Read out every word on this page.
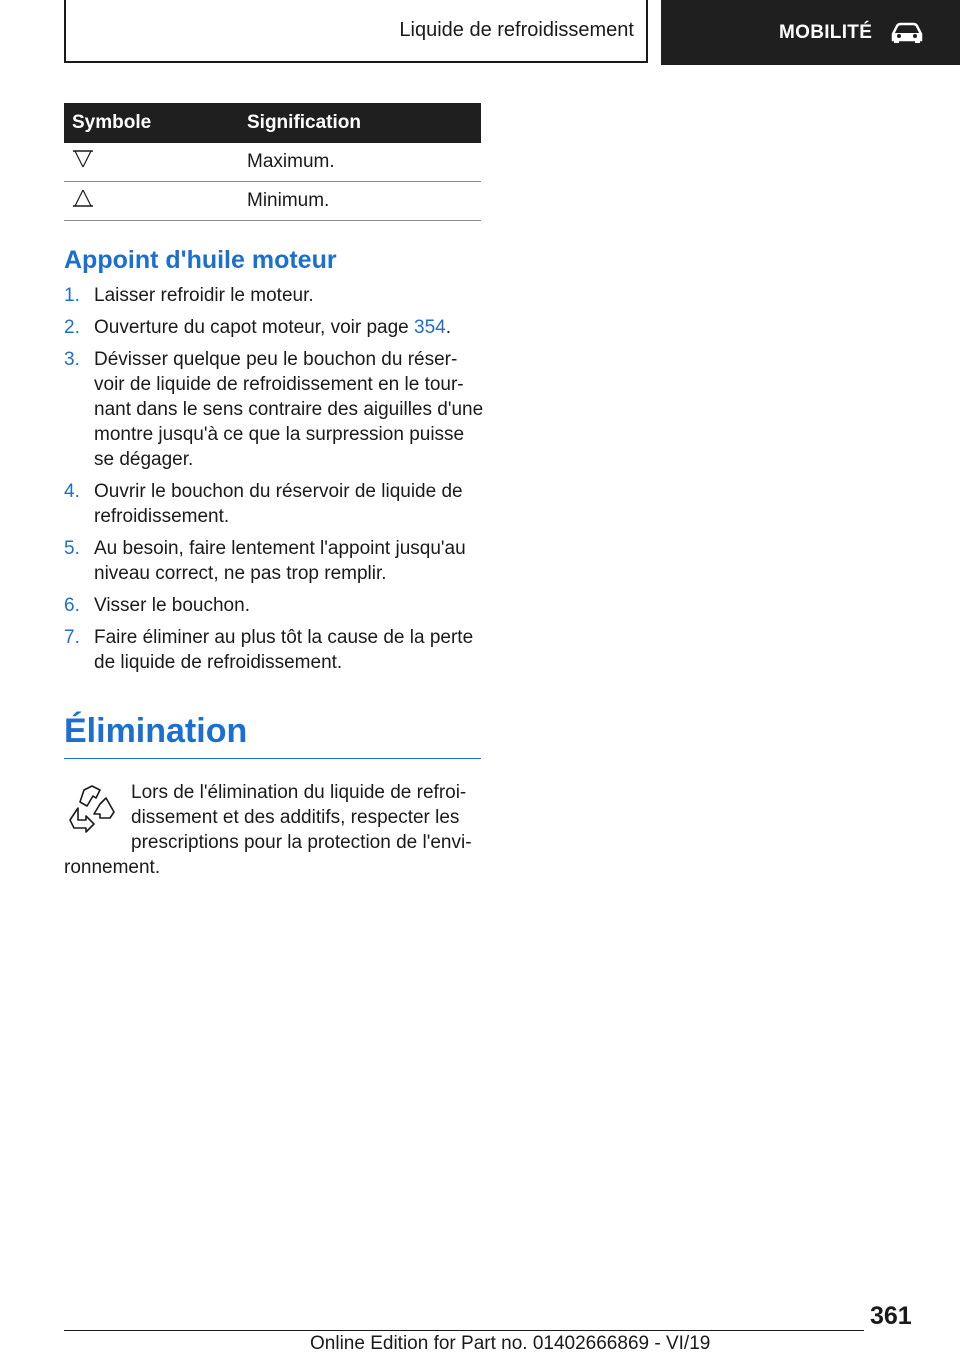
Liquide de refroidissement	MOBILITÉ
Symbole	Signification
	Maximum.
	Minimum.
Appoint d'huile moteur
1. Laisser refroidir le moteur.
2. Ouverture du capot moteur, voir page 354.
3. Dévisser quelque peu le bouchon du réser-voir de liquide de refroidissement en le tour-nant dans le sens contraire des aiguilles d'une montre jusqu'à ce que la surpression puisse se dégager.
4. Ouvrir le bouchon du réservoir de liquide de refroidissement.
5. Au besoin, faire lentement l'appoint jusqu'au niveau correct, ne pas trop remplir.
6. Visser le bouchon.
7. Faire éliminer au plus tôt la cause de la perte de liquide de refroidissement.
Élimination

Lors de l'élimination du liquide de refroi-
dissement et des additifs, respecter les
prescriptions pour la protection de l'envi-
ronnement.

361
Online Edition for Part no. 01402666869 - VI/19
